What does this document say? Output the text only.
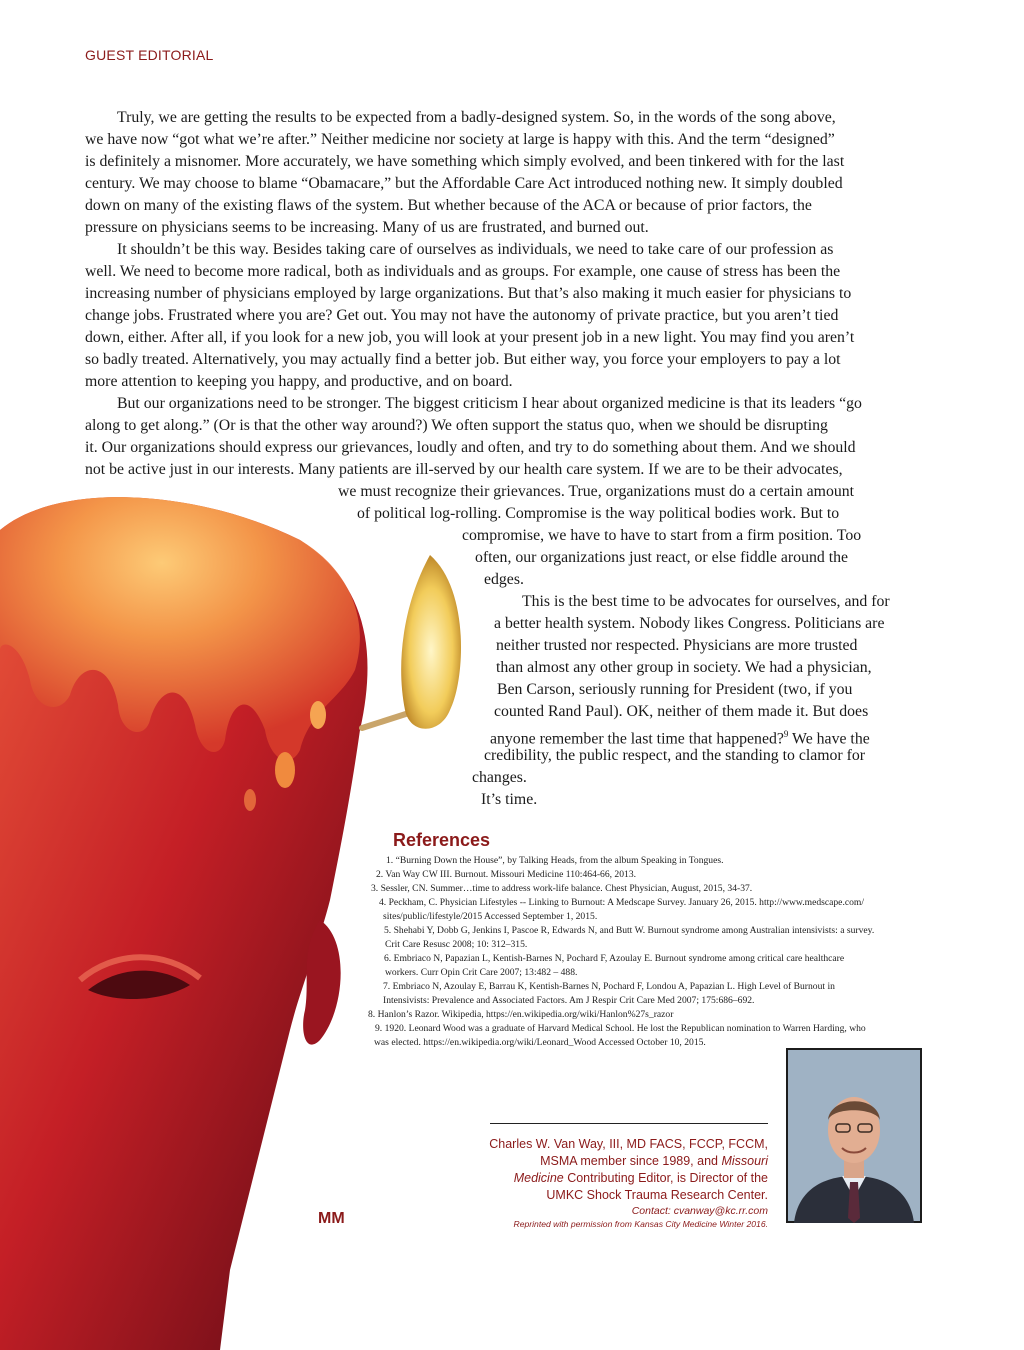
GUEST EDITORIAL
Truly, we are getting the results to be expected from a badly-designed system. So, in the words of the song above,
we have now “got what we’re after.” Neither medicine nor society at large is happy with this. And the term “designed”
is definitely a misnomer. More accurately, we have something which simply evolved, and been tinkered with for the last
century. We may choose to blame “Obamacare,” but the Affordable Care Act introduced nothing new. It simply doubled
down on many of the existing flaws of the system. But whether because of the ACA or because of prior factors, the
pressure on physicians seems to be increasing. Many of us are frustrated, and burned out.
It shouldn’t be this way. Besides taking care of ourselves as individuals, we need to take care of our profession as
well. We need to become more radical, both as individuals and as groups. For example, one cause of stress has been the
increasing number of physicians employed by large organizations. But that’s also making it much easier for physicians to
change jobs. Frustrated where you are? Get out. You may not have the autonomy of private practice, but you aren’t tied
down, either. After all, if you look for a new job, you will look at your present job in a new light. You may find you aren’t
so badly treated. Alternatively, you may actually find a better job. But either way, you force your employers to pay a lot
more attention to keeping you happy, and productive, and on board.
But our organizations need to be stronger. The biggest criticism I hear about organized medicine is that its leaders “go
along to get along.” (Or is that the other way around?) We often support the status quo, when we should be disrupting
it. Our organizations should express our grievances, loudly and often, and try to do something about them. And we should
not be active just in our interests. Many patients are ill-served by our health care system. If we are to be their advocates,
we must recognize their grievances. True, organizations must do a certain amount
of political log-rolling. Compromise is the way political bodies work. But to
compromise, we have to have to start from a firm position. Too
often, our organizations just react, or else fiddle around the
edges.
This is the best time to be advocates for ourselves, and for
a better health system. Nobody likes Congress. Politicians are
neither trusted nor respected. Physicians are more trusted
than almost any other group in society. We had a physician,
Ben Carson, seriously running for President (two, if you
counted Rand Paul). OK, neither of them made it. But does
anyone remember the last time that happened?$^9$ We have the
credibility, the public respect, and the standing to clamor for
changes.
It’s time.
References
1. “Burning Down the House”, by Talking Heads, from the album Speaking in Tongues.
2. Van Way CW III. Burnout. Missouri Medicine 110:464-66, 2013.
3. Sessler, CN. Summer…time to address work-life balance. Chest Physician, August, 2015, 34-37.
4. Peckham, C. Physician Lifestyles -- Linking to Burnout: A Medscape Survey. January 26, 2015. http://www.medscape.com/
sites/public/lifestyle/2015 Accessed September 1, 2015.
5. Shehabi Y, Dobb G, Jenkins I, Pascoe R, Edwards N, and Butt W. Burnout syndrome among Australian intensivists: a survey.
Crit Care Resusc 2008; 10: 312–315.
6. Embriaco N, Papazian L, Kentish-Barnes N, Pochard F, Azoulay E. Burnout syndrome among critical care healthcare
workers. Curr Opin Crit Care 2007; 13:482 – 488.
7. Embriaco N, Azoulay E, Barrau K, Kentish-Barnes N, Pochard F, Londou A, Papazian L. High Level of Burnout in
Intensivists: Prevalence and Associated Factors. Am J Respir Crit Care Med 2007; 175:686–692.
8. Hanlon’s Razor. Wikipedia, https://en.wikipedia.org/wiki/Hanlon%27s_razor
9. 1920. Leonard Wood was a graduate of Harvard Medical School. He lost the Republican nomination to Warren Harding, who
was elected. https://en.wikipedia.org/wiki/Leonard_Wood Accessed October 10, 2015.
Charles W. Van Way, III, MD FACS, FCCP, FCCM,
MSMA member since 1989, and Missouri
Medicine Contributing Editor, is Director of the
UMKC Shock Trauma Research Center.
Contact: cvanway@kc.rr.com
Reprinted with permission from Kansas City Medicine Winter 2016.
MM
